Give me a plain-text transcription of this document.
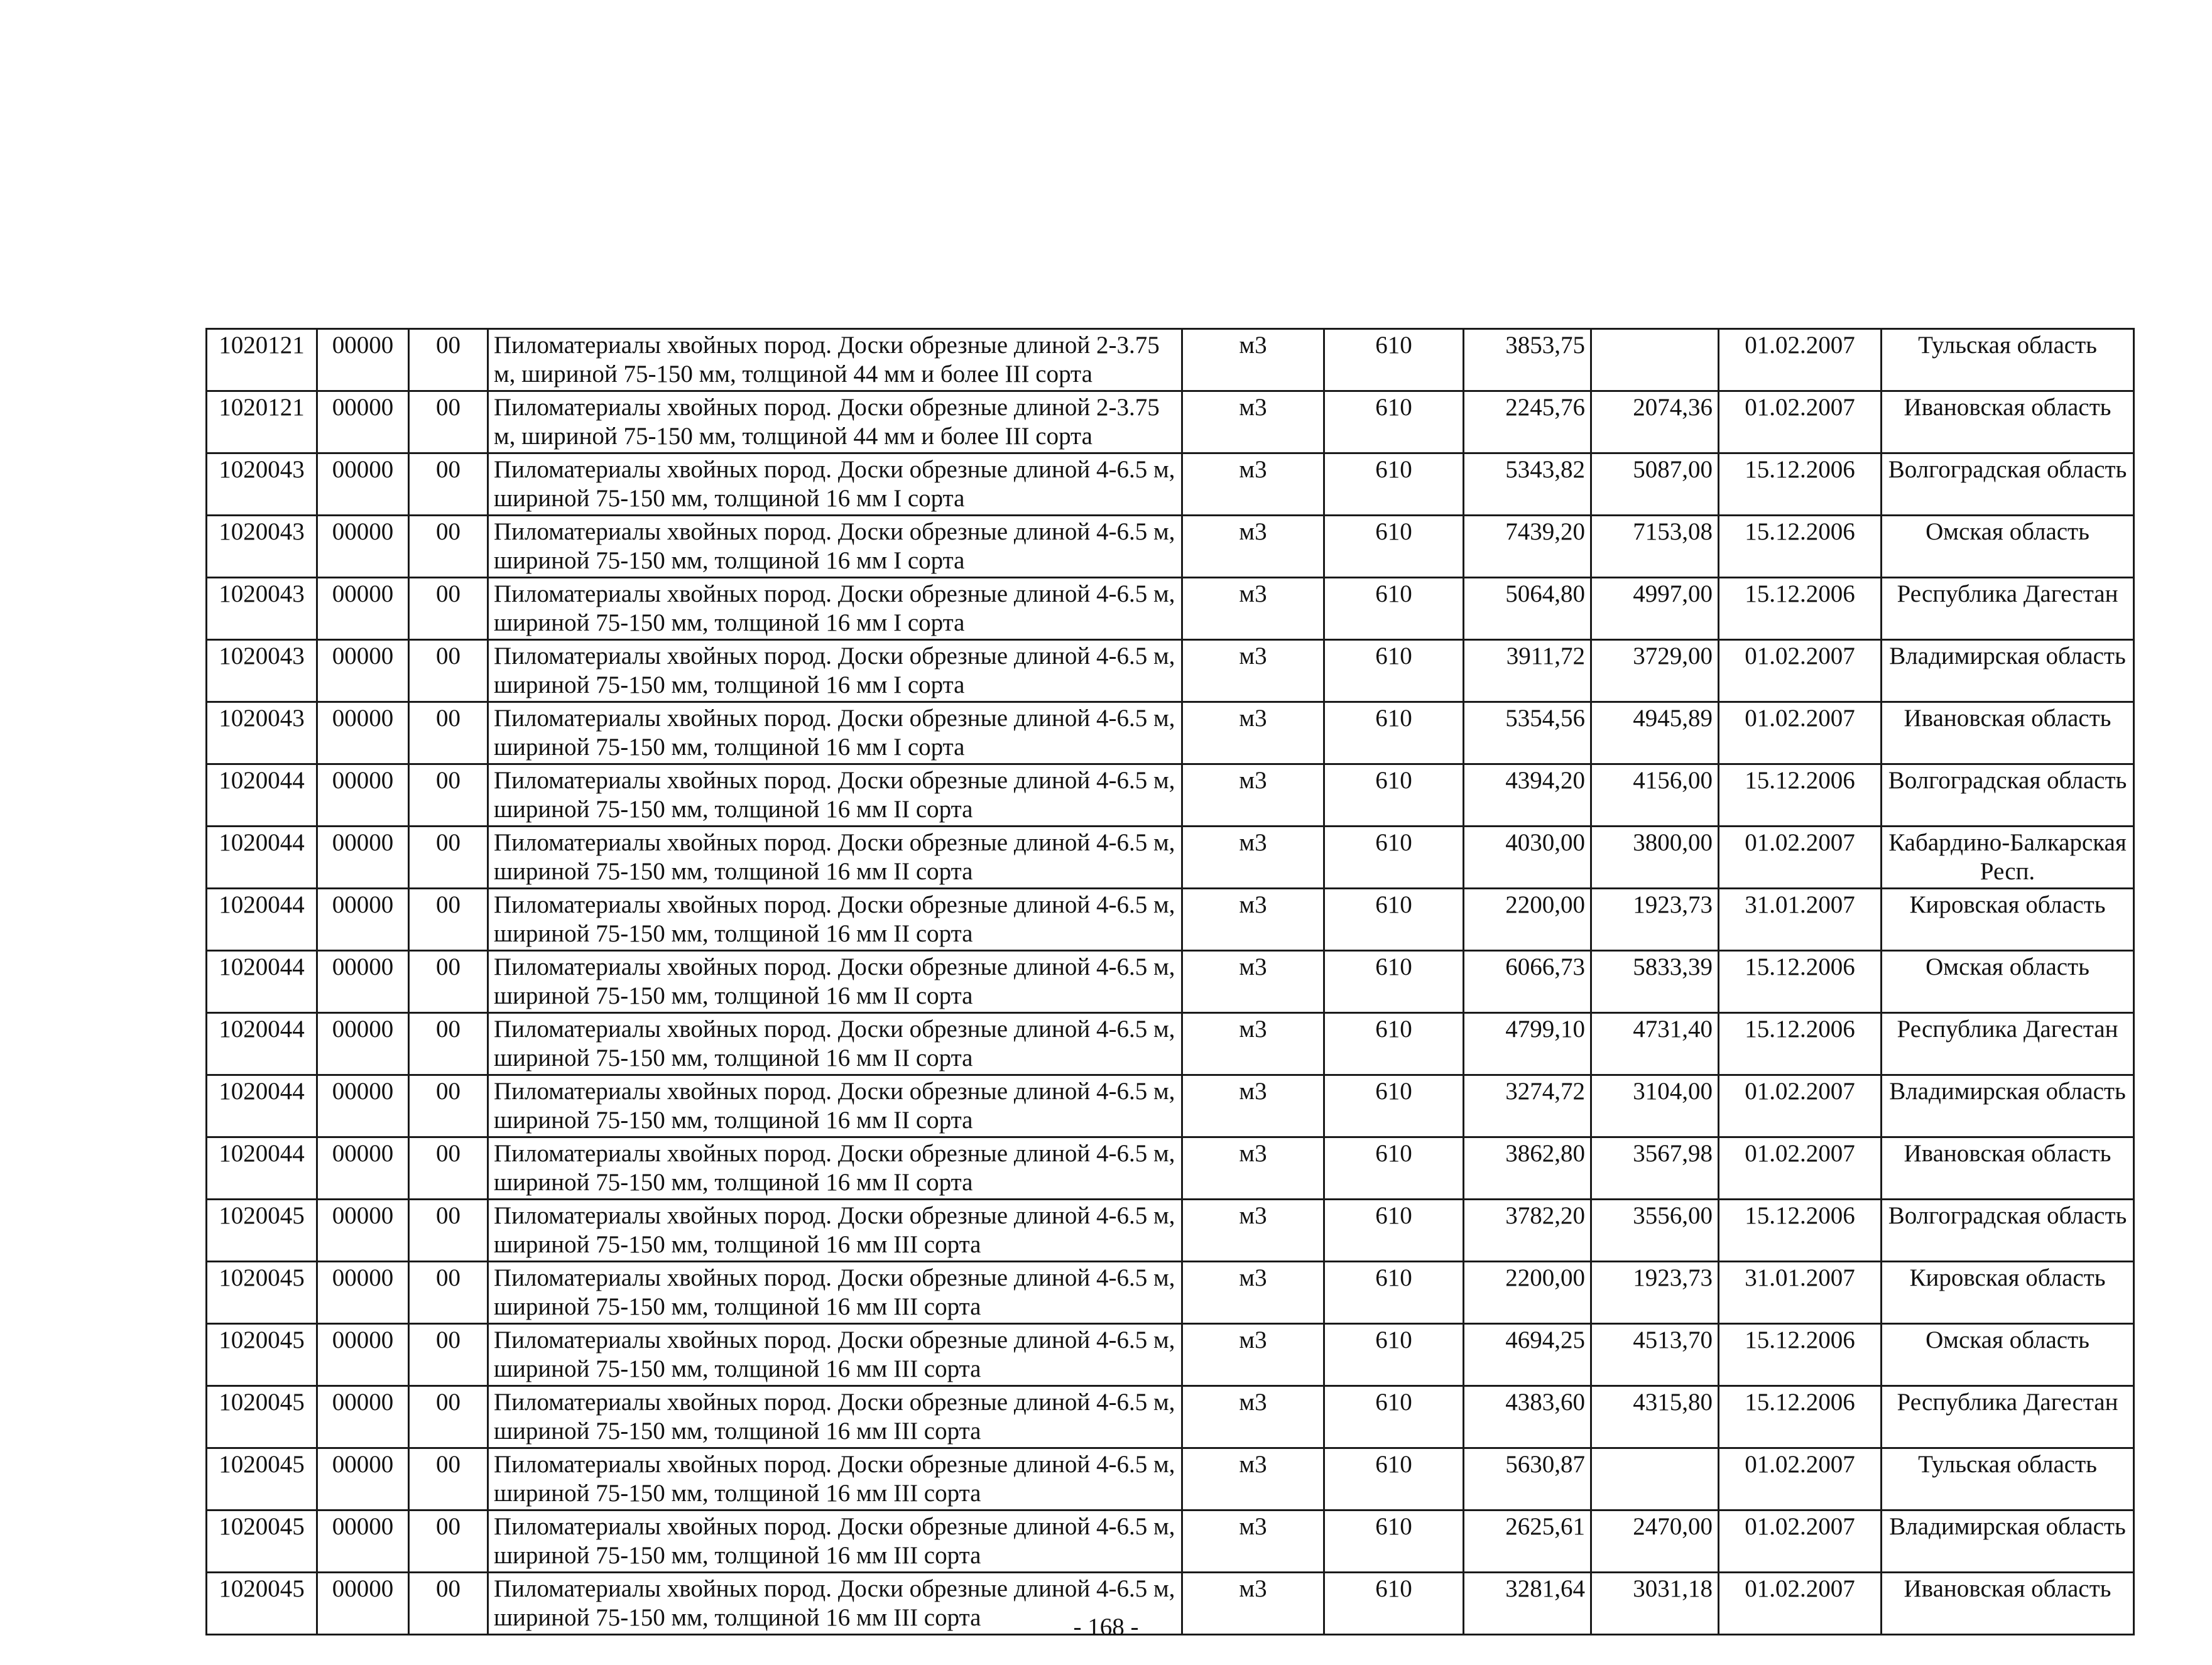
1020121	00000	00	Пиломатериалы хвойных пород. Доски обрезные длиной 2-3.75 м, шириной 75-150 мм, толщиной 44 мм и более III сорта	м3	610	3853,75		01.02.2007	Тульская область
1020121	00000	00	Пиломатериалы хвойных пород. Доски обрезные длиной 2-3.75 м, шириной 75-150 мм, толщиной 44 мм и более III сорта	м3	610	2245,76	2074,36	01.02.2007	Ивановская область
1020043	00000	00	Пиломатериалы хвойных пород. Доски обрезные длиной 4-6.5 м, шириной 75-150 мм, толщиной 16 мм I сорта	м3	610	5343,82	5087,00	15.12.2006	Волгоградская область
1020043	00000	00	Пиломатериалы хвойных пород. Доски обрезные длиной 4-6.5 м, шириной 75-150 мм, толщиной 16 мм I сорта	м3	610	7439,20	7153,08	15.12.2006	Омская область
1020043	00000	00	Пиломатериалы хвойных пород. Доски обрезные длиной 4-6.5 м, шириной 75-150 мм, толщиной 16 мм I сорта	м3	610	5064,80	4997,00	15.12.2006	Республика Дагестан
1020043	00000	00	Пиломатериалы хвойных пород. Доски обрезные длиной 4-6.5 м, шириной 75-150 мм, толщиной 16 мм I сорта	м3	610	3911,72	3729,00	01.02.2007	Владимирская область
1020043	00000	00	Пиломатериалы хвойных пород. Доски обрезные длиной 4-6.5 м, шириной 75-150 мм, толщиной 16 мм I сорта	м3	610	5354,56	4945,89	01.02.2007	Ивановская область
1020044	00000	00	Пиломатериалы хвойных пород. Доски обрезные длиной 4-6.5 м, шириной 75-150 мм, толщиной 16 мм II сорта	м3	610	4394,20	4156,00	15.12.2006	Волгоградская область
1020044	00000	00	Пиломатериалы хвойных пород. Доски обрезные длиной 4-6.5 м, шириной 75-150 мм, толщиной 16 мм II сорта	м3	610	4030,00	3800,00	01.02.2007	Кабардино-Балкарская Респ.
1020044	00000	00	Пиломатериалы хвойных пород. Доски обрезные длиной 4-6.5 м, шириной 75-150 мм, толщиной 16 мм II сорта	м3	610	2200,00	1923,73	31.01.2007	Кировская область
1020044	00000	00	Пиломатериалы хвойных пород. Доски обрезные длиной 4-6.5 м, шириной 75-150 мм, толщиной 16 мм II сорта	м3	610	6066,73	5833,39	15.12.2006	Омская область
1020044	00000	00	Пиломатериалы хвойных пород. Доски обрезные длиной 4-6.5 м, шириной 75-150 мм, толщиной 16 мм II сорта	м3	610	4799,10	4731,40	15.12.2006	Республика Дагестан
1020044	00000	00	Пиломатериалы хвойных пород. Доски обрезные длиной 4-6.5 м, шириной 75-150 мм, толщиной 16 мм II сорта	м3	610	3274,72	3104,00	01.02.2007	Владимирская область
1020044	00000	00	Пиломатериалы хвойных пород. Доски обрезные длиной 4-6.5 м, шириной 75-150 мм, толщиной 16 мм II сорта	м3	610	3862,80	3567,98	01.02.2007	Ивановская область
1020045	00000	00	Пиломатериалы хвойных пород. Доски обрезные длиной 4-6.5 м, шириной 75-150 мм, толщиной 16 мм III сорта	м3	610	3782,20	3556,00	15.12.2006	Волгоградская область
1020045	00000	00	Пиломатериалы хвойных пород. Доски обрезные длиной 4-6.5 м, шириной 75-150 мм, толщиной 16 мм III сорта	м3	610	2200,00	1923,73	31.01.2007	Кировская область
1020045	00000	00	Пиломатериалы хвойных пород. Доски обрезные длиной 4-6.5 м, шириной 75-150 мм, толщиной 16 мм III сорта	м3	610	4694,25	4513,70	15.12.2006	Омская область
1020045	00000	00	Пиломатериалы хвойных пород. Доски обрезные длиной 4-6.5 м, шириной 75-150 мм, толщиной 16 мм III сорта	м3	610	4383,60	4315,80	15.12.2006	Республика Дагестан
1020045	00000	00	Пиломатериалы хвойных пород. Доски обрезные длиной 4-6.5 м, шириной 75-150 мм, толщиной 16 мм III сорта	м3	610	5630,87		01.02.2007	Тульская область
1020045	00000	00	Пиломатериалы хвойных пород. Доски обрезные длиной 4-6.5 м, шириной 75-150 мм, толщиной 16 мм III сорта	м3	610	2625,61	2470,00	01.02.2007	Владимирская область
1020045	00000	00	Пиломатериалы хвойных пород. Доски обрезные длиной 4-6.5 м, шириной 75-150 мм, толщиной 16 мм III сорта	м3	610	3281,64	3031,18	01.02.2007	Ивановская область
- 168 -
